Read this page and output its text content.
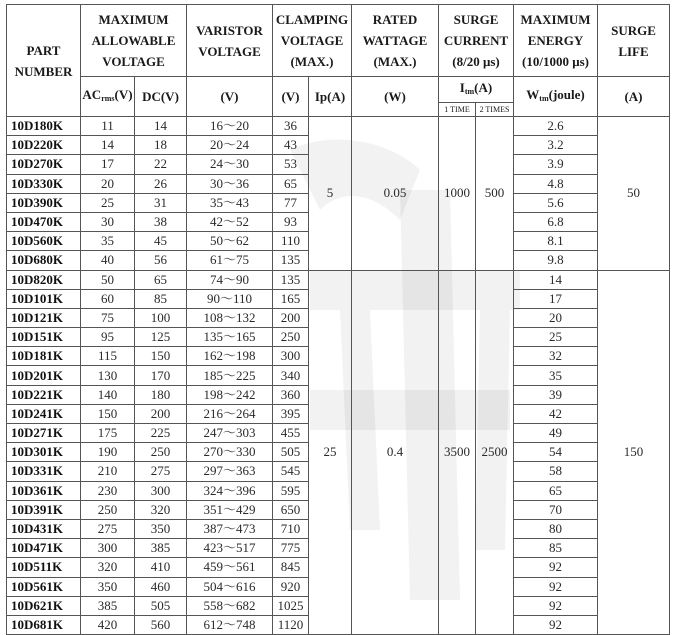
PART NUMBER	MAXIMUM ALLOWABLE VOLTAGE		VARISTOR VOLTAGE	CLAMPING VOLTAGE (MAX.)		RATED WATTAGE (MAX.)	SURGE CURRENT (8/20 μs)		MAXIMUM ENERGY (10/1000 μs)	SURGE LIFE
	$AC_{rms}(V)$	DC(V)	(V)	(V)	Ip(A)	(W)	$I_{tm}(A)$		$W_{tm}(joule)$	(A)
							1 TIME	2 TIMES		
10D180K	11	14	16～20	36	5	0.05	1000	500	2.6	50
10D220K	14	18	20～24	43					3.2	
10D270K	17	22	24～30	53					3.9	
10D330K	20	26	30～36	65					4.8	
10D390K	25	31	35～43	77					5.6	
10D470K	30	38	42～52	93					6.8	
10D560K	35	45	50～62	110					8.1	
10D680K	40	56	61～75	135					9.8	
10D820K	50	65	74～90	135	25	0.4	3500	2500	14	150
10D101K	60	85	90～110	165					17	
10D121K	75	100	108～132	200					20	
10D151K	95	125	135～165	250					25	
10D181K	115	150	162～198	300					32	
10D201K	130	170	185～225	340					35	
10D221K	140	180	198～242	360					39	
10D241K	150	200	216～264	395					42	
10D271K	175	225	247～303	455					49	
10D301K	190	250	270～330	505					54	
10D331K	210	275	297～363	545					58	
10D361K	230	300	324～396	595					65	
10D391K	250	320	351～429	650					70	
10D431K	275	350	387～473	710					80	
10D471K	300	385	423～517	775					85	
10D511K	320	410	459～561	845					92	
10D561K	350	460	504～616	920					92	
10D621K	385	505	558～682	1025					92	
10D681K	420	560	612～748	1120					92	
